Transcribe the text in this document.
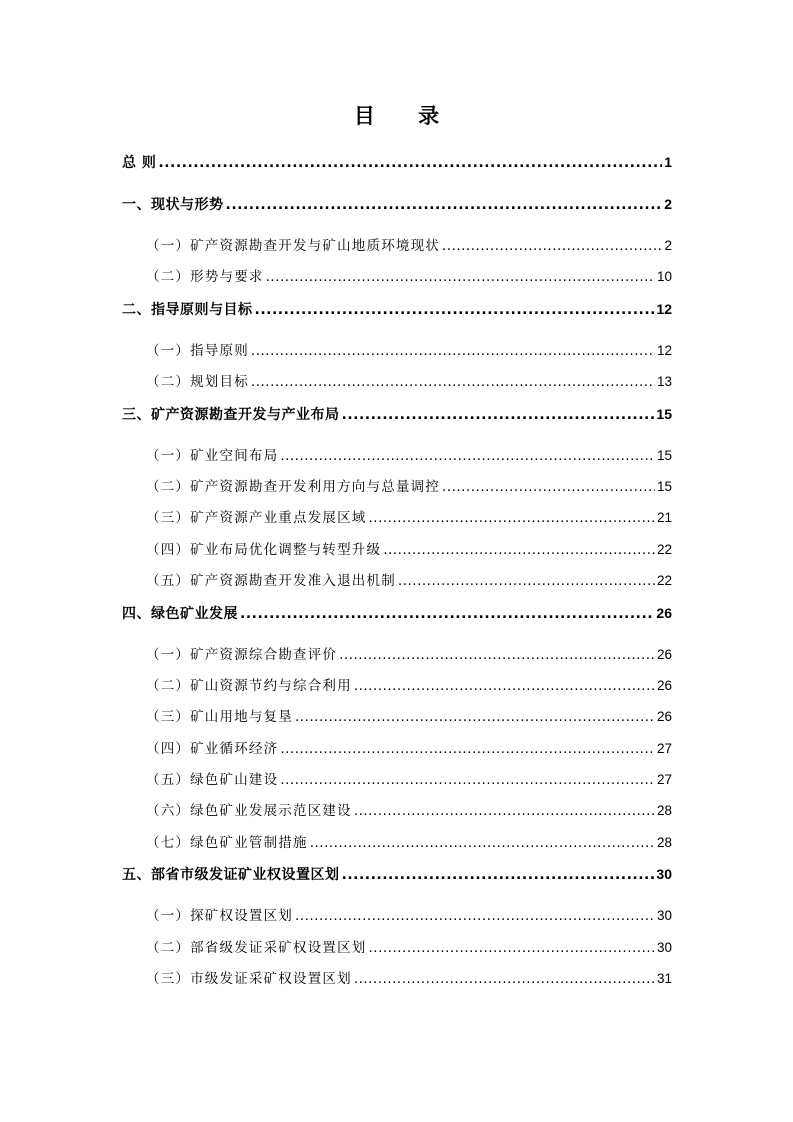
目 录
总 则 .....	1
一、现状与形势 .....	2
（一）矿产资源勘查开发与矿山地质环境现状 .....	2
（二）形势与要求 .....	10
二、指导原则与目标 .....	12
（一）指导原则 .....	12
（二）规划目标 .....	13
三、矿产资源勘查开发与产业布局 .....	15
（一）矿业空间布局 .....	15
（二）矿产资源勘查开发利用方向与总量调控 .....	15
（三）矿产资源产业重点发展区域 .....	21
（四）矿业布局优化调整与转型升级 .....	22
（五）矿产资源勘查开发准入退出机制 .....	22
四、绿色矿业发展 .....	26
（一）矿产资源综合勘查评价 .....	26
（二）矿山资源节约与综合利用 .....	26
（三）矿山用地与复垦 .....	26
（四）矿业循环经济 .....	27
（五）绿色矿山建设 .....	27
（六）绿色矿业发展示范区建设 .....	28
（七）绿色矿业管制措施 .....	28
五、部省市级发证矿业权设置区划 .....	30
（一）探矿权设置区划 .....	30
（二）部省级发证采矿权设置区划 .....	30
（三）市级发证采矿权设置区划 .....	31
